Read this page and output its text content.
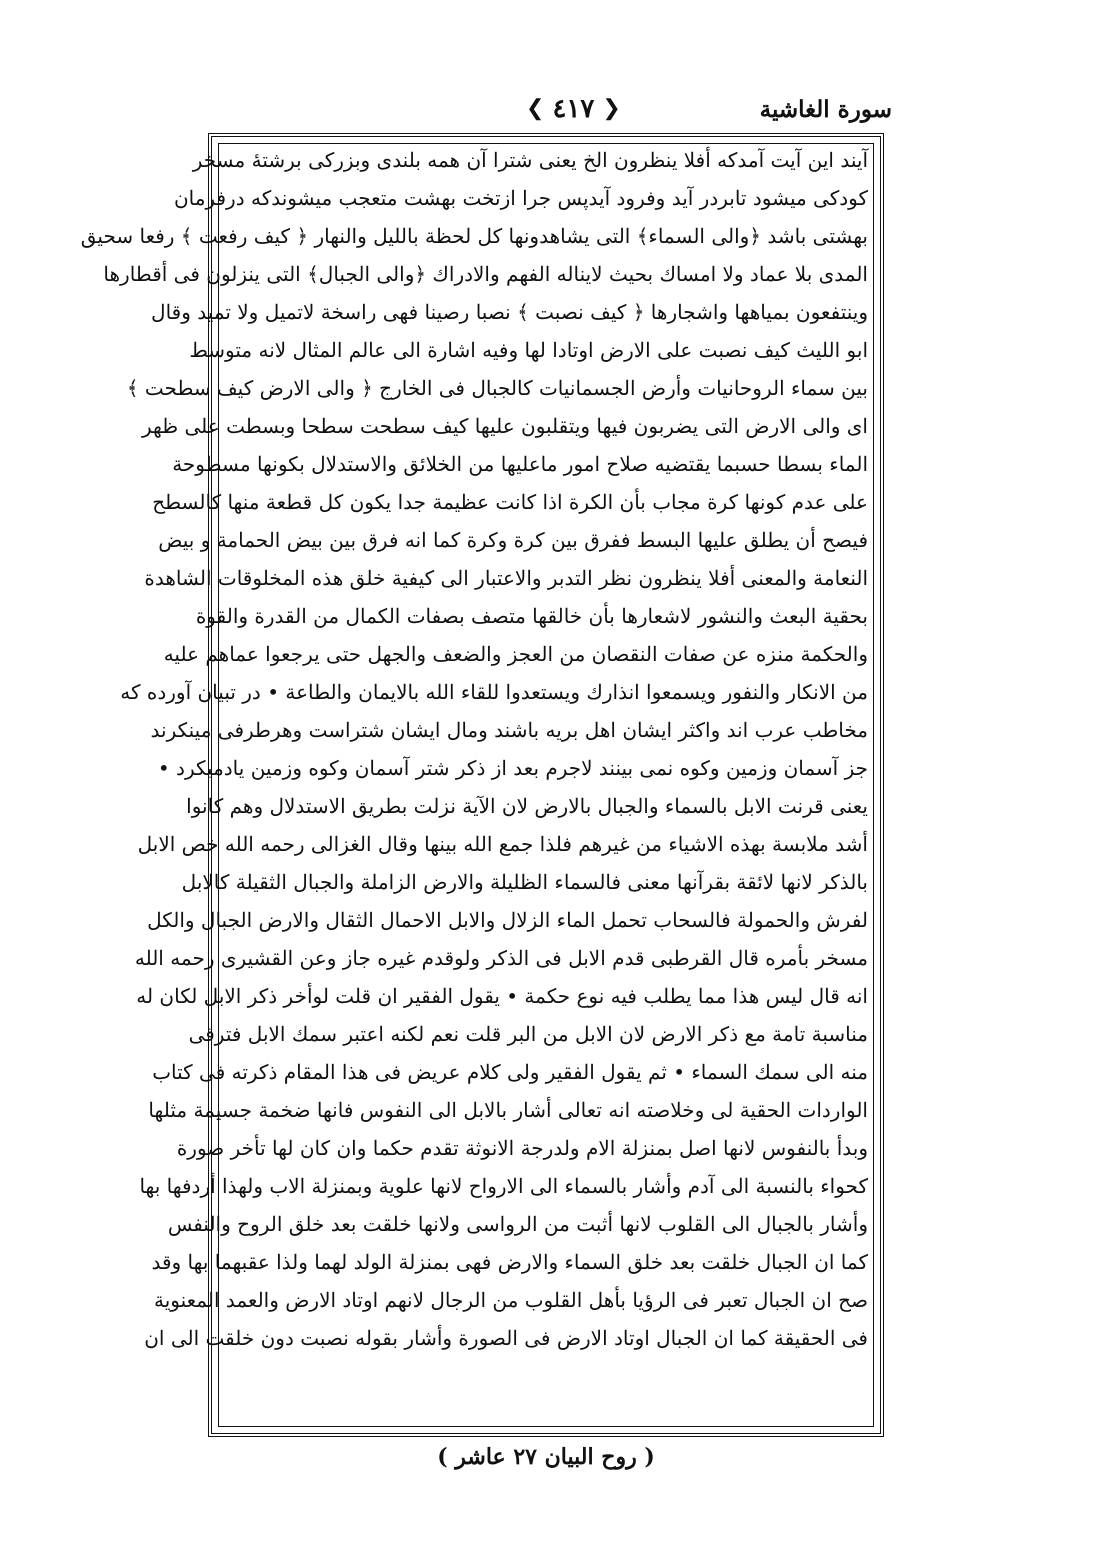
سورة الغاشية
❮ ٤١٧ ❯
آيند اين آيت آمدكه أفلا ينظرون الخ يعنى شترا آن همه بلندى وبزركى برشتهٔ مسخر
كودكى ميشود تابردر آيد وفرود آيدپس جرا ازتخت بهشت متعجب ميشوندكه درفرمان
بهشتى باشد ﴿والى السماء﴾ التى يشاهدونها كل لحظة بالليل والنهار ﴿ كيف رفعت ﴾ رفعا سحيق
المدى بلا عماد ولا امساك بحيث لايناله الفهم والادراك ﴿والى الجبال﴾ التى ينزلون فى أقطارها
وينتفعون بمياهها واشجارها ﴿ كيف نصبت ﴾ نصبا رصينا فهى راسخة لاتميل ولا تميد وقال
ابو الليث كيف نصبت على الارض اوتادا لها وفيه اشارة الى عالم المثال لانه متوسط
بين سماء الروحانيات وأرض الجسمانيات كالجبال فى الخارج ﴿ والى الارض كيف سطحت ﴾
اى والى الارض التى يضربون فيها ويتقلبون عليها كيف سطحت سطحا وبسطت على ظهر
الماء بسطا حسبما يقتضيه صلاح امور ماعليها من الخلائق والاستدلال بكونها مسطوحة
على عدم كونها كرة مجاب بأن الكرة اذا كانت عظيمة جدا يكون كل قطعة منها كالسطح
فيصح أن يطلق عليها البسط ففرق بين كرة وكرة كما انه فرق بين بيض الحمامة و بيض
النعامة والمعنى أفلا ينظرون نظر التدبر والاعتبار الى كيفية خلق هذه المخلوقات الشاهدة
بحقية البعث والنشور لاشعارها بأن خالقها متصف بصفات الكمال من القدرة والقوة
والحكمة منزه عن صفات النقصان من العجز والضعف والجهل حتى يرجعوا عماهم عليه
من الانكار والنفور ويسمعوا انذارك ويستعدوا للقاء الله بالايمان والطاعة • در تبيان آورده كه
مخاطب عرب اند واكثر ايشان اهل بريه باشند ومال ايشان شتراست وهرطرفى مينكرند
جز آسمان وزمين وكوه نمى بينند لاجرم بعد از ذكر شتر آسمان وكوه وزمين يادميكرد •
يعنى قرنت الابل بالسماء والجبال بالارض لان الآية نزلت بطريق الاستدلال وهم كانوا
أشد ملابسة بهذه الاشياء من غيرهم فلذا جمع الله بينها وقال الغزالى رحمه الله خص الابل
بالذكر لانها لائقة بقرآنها معنى فالسماء الظليلة والارض الزاملة والجبال الثقيلة كالابل
لفرش والحمولة فالسحاب تحمل الماء الزلال والابل الاحمال الثقال والارض الجبال والكل
مسخر بأمره قال القرطبى قدم الابل فى الذكر ولوقدم غيره جاز وعن القشيرى رحمه الله
انه قال ليس هذا مما يطلب فيه نوع حكمة • يقول الفقير ان قلت لوأخر ذكر الابل لكان له
مناسبة تامة مع ذكر الارض لان الابل من البر قلت نعم لكنه اعتبر سمك الابل فترقى
منه الى سمك السماء • ثم يقول الفقير ولى كلام عريض فى هذا المقام ذكرته فى كتاب
الواردات الحقية لى وخلاصته انه تعالى أشار بالابل الى النفوس فانها ضخمة جسيمة مثلها
وبدأ بالنفوس لانها اصل بمنزلة الام ولدرجة الانوثة تقدم حكما وان كان لها تأخر صورة
كحواء بالنسبة الى آدم وأشار بالسماء الى الارواح لانها علوية وبمنزلة الاب ولهذا أردفها بها
وأشار بالجبال الى القلوب لانها أثبت من الرواسى ولانها خلقت بعد خلق الروح والنفس
كما ان الجبال خلقت بعد خلق السماء والارض فهى بمنزلة الولد لهما ولذا عقبهما بها وقد
صح ان الجبال تعبر فى الرؤيا بأهل القلوب من الرجال لانهم اوتاد الارض والعمد المعنوية
فى الحقيقة كما ان الجبال اوتاد الارض فى الصورة وأشار بقوله نصبت دون خلقت الى ان
( روح البيان ٢٧ عاشر )
